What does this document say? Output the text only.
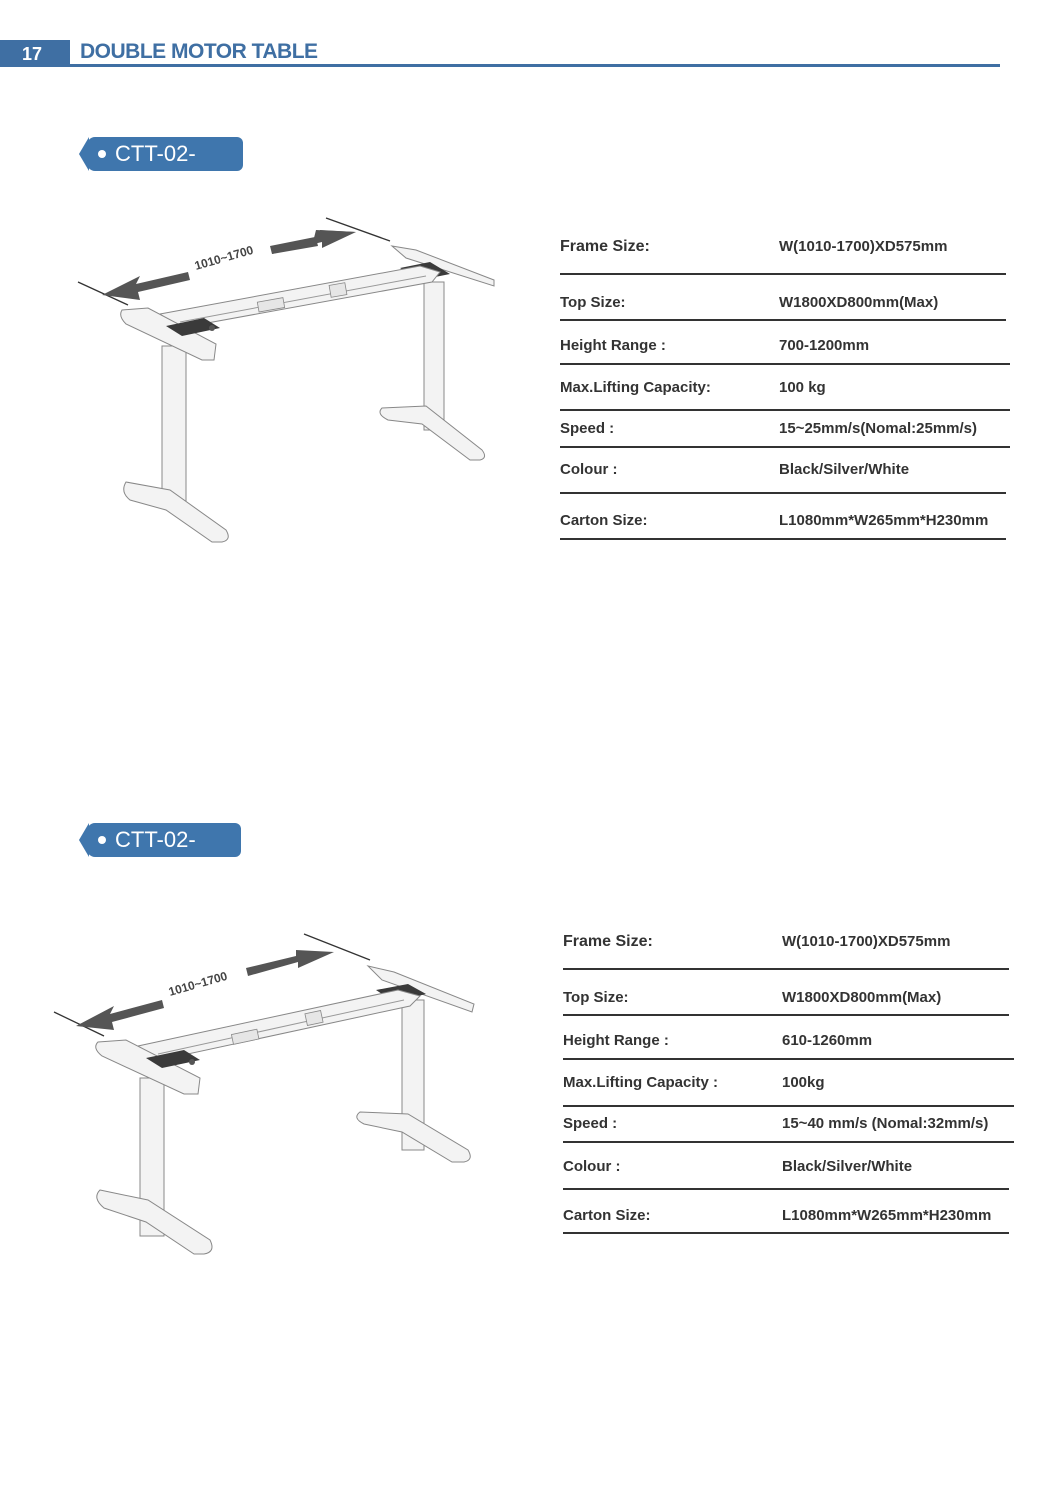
17	DOUBLE MOTOR TABLE
CTT-02-C2
1010~1700	Frame Size:	W(1010-1700)XD575mm
Top Size:	W1800XD800mm(Max)
Height Range :	700-1200mm
Max.Lifting Capacity:	100 kg
Speed :	15~25mm/s(Nomal:25mm/s)
Colour :	Black/Silver/White
Carton Size:	L1080mm*W265mm*H230mm
CTT-02-C3
1010~1700
Frame Size:	W(1010-1700)XD575mm
Top Size:	W1800XD800mm(Max)
Height Range :	610-1260mm
Max.Lifting Capacity :	100kg
Speed :	15~40 mm/s (Nomal:32mm/s)
Colour :	Black/Silver/White
Carton Size:	L1080mm*W265mm*H230mm
